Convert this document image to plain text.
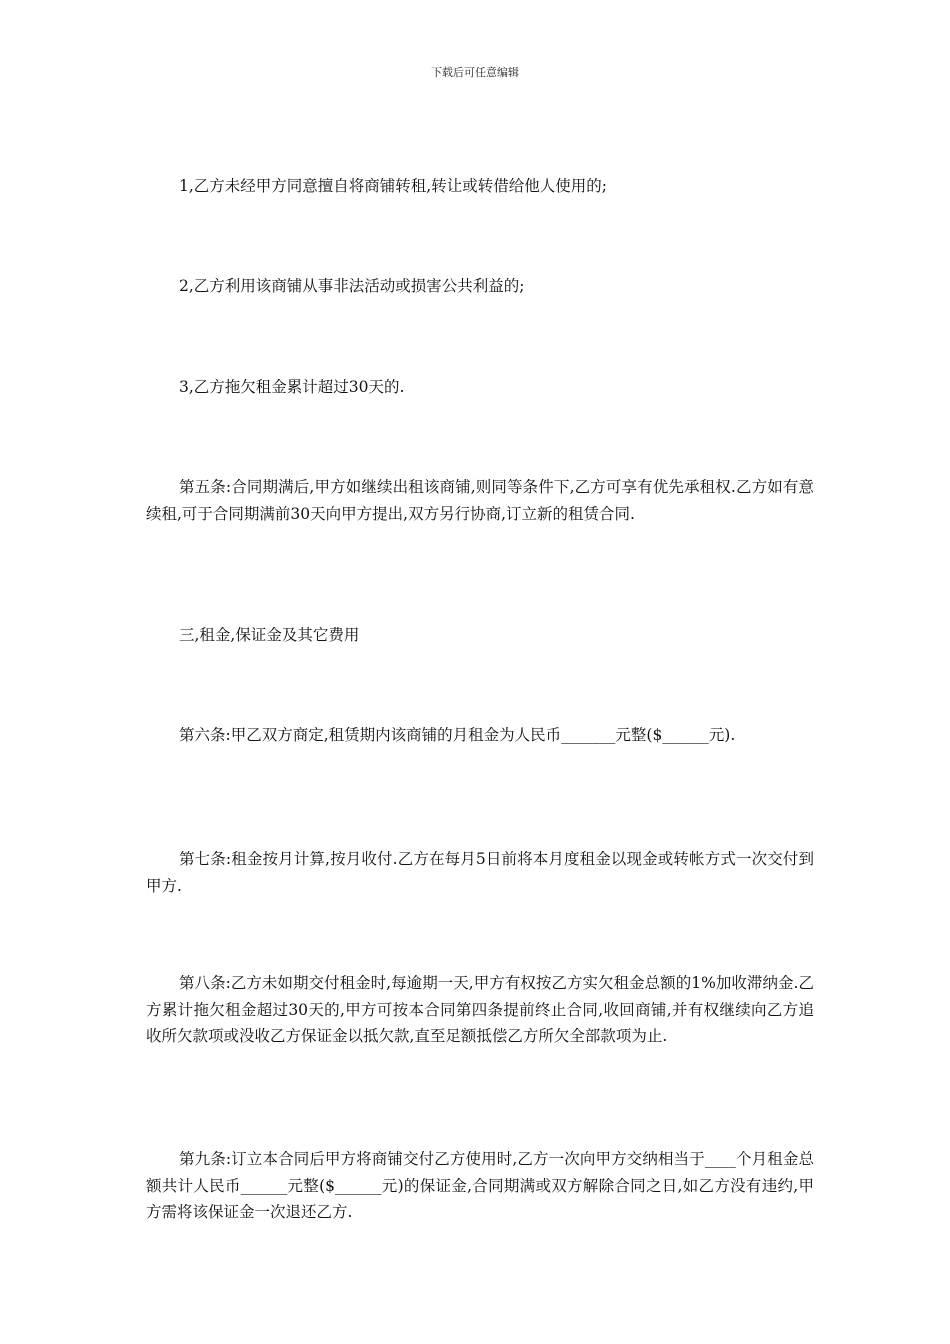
下载后可任意编辑
1,乙方未经甲方同意擅自将商铺转租,转让或转借给他人使用的;
2,乙方利用该商铺从事非法活动或损害公共利益的;
3,乙方拖欠租金累计超过30天的.
第五条:合同期满后,甲方如继续出租该商铺,则同等条件下,乙方可享有优先承租权.乙方如有意续租,可于合同期满前30天向甲方提出,双方另行协商,订立新的租赁合同.
三,租金,保证金及其它费用
第六条:甲乙双方商定,租赁期内该商铺的月租金为人民币_______元整($______元).
第七条:租金按月计算,按月收付.乙方在每月5日前将本月度租金以现金或转帐方式一次交付到甲方.
第八条:乙方未如期交付租金时,每逾期一天,甲方有权按乙方实欠租金总额的1%加收滞纳金.乙方累计拖欠租金超过30天的,甲方可按本合同第四条提前终止合同,收回商铺,并有权继续向乙方追收所欠款项或没收乙方保证金以抵欠款,直至足额抵偿乙方所欠全部款项为止.
第九条:订立本合同后甲方将商铺交付乙方使用时,乙方一次向甲方交纳相当于____个月租金总额共计人民币______元整($______元)的保证金,合同期满或双方解除合同之日,如乙方没有违约,甲方需将该保证金一次退还乙方.
